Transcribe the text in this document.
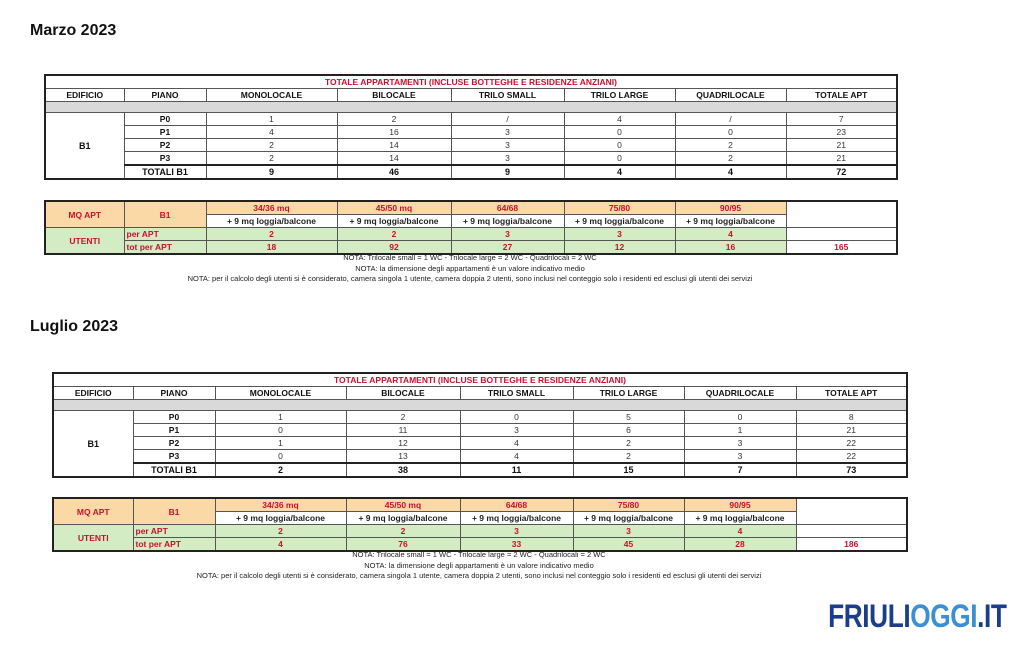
Marzo 2023
TOTALE APPARTAMENTI (INCLUSE BOTTEGHE E RESIDENZE ANZIANI)							
EDIFICIO	PIANO	MONOLOCALE	BILOCALE	TRILO SMALL	TRILO LARGE	QUADRILOCALE	TOTALE APT

B1	P0	1	2	/	4	/	7
	P1	4	16	3	0	0	23
	P2	2	14	3	0	2	21
	P3	2	14	3	0	2	21
	TOTALI B1	9	46	9	4	4	72
MQ APT	B1	34/36 mq	45/50 mq	64/68	75/80	90/95	
		+ 9 mq loggia/balcone	+ 9 mq loggia/balcone	+ 9 mq loggia/balcone	+ 9 mq loggia/balcone	+ 9 mq loggia/balcone	
UTENTI	per APT	2	2	3	3	4	
	tot per APT	18	92	27	12	16	165
NOTA: Trilocale small = 1 WC - Trilocale large = 2 WC - Quadrilocali = 2 WC
NOTA: la dimensione degli appartamenti è un valore indicativo medio
NOTA: per il calcolo degli utenti si è considerato, camera singola 1 utente, camera doppia 2 utenti, sono inclusi nel conteggio solo i residenti ed esclusi gli utenti dei servizi
Luglio 2023
TOTALE APPARTAMENTI (INCLUSE BOTTEGHE E RESIDENZE ANZIANI)							
EDIFICIO	PIANO	MONOLOCALE	BILOCALE	TRILO SMALL	TRILO LARGE	QUADRILOCALE	TOTALE APT

B1	P0	1	2	0	5	0	8
	P1	0	11	3	6	1	21
	P2	1	12	4	2	3	22
	P3	0	13	4	2	3	22
	TOTALI B1	2	38	11	15	7	73
MQ APT	B1	34/36 mq	45/50 mq	64/68	75/80	90/95	
		+ 9 mq loggia/balcone	+ 9 mq loggia/balcone	+ 9 mq loggia/balcone	+ 9 mq loggia/balcone	+ 9 mq loggia/balcone	
UTENTI	per APT	2	2	3	3	4	
	tot per APT	4	76	33	45	28	186
NOTA: Trilocale small = 1 WC - Trilocale large = 2 WC - Quadrilocali = 2 WC
NOTA: la dimensione degli appartamenti è un valore indicativo medio
NOTA: per il calcolo degli utenti si è considerato, camera singola 1 utente, camera doppia 2 utenti, sono inclusi nel conteggio solo i residenti ed esclusi gli utenti dei servizi
FRIULIOGGI.IT
